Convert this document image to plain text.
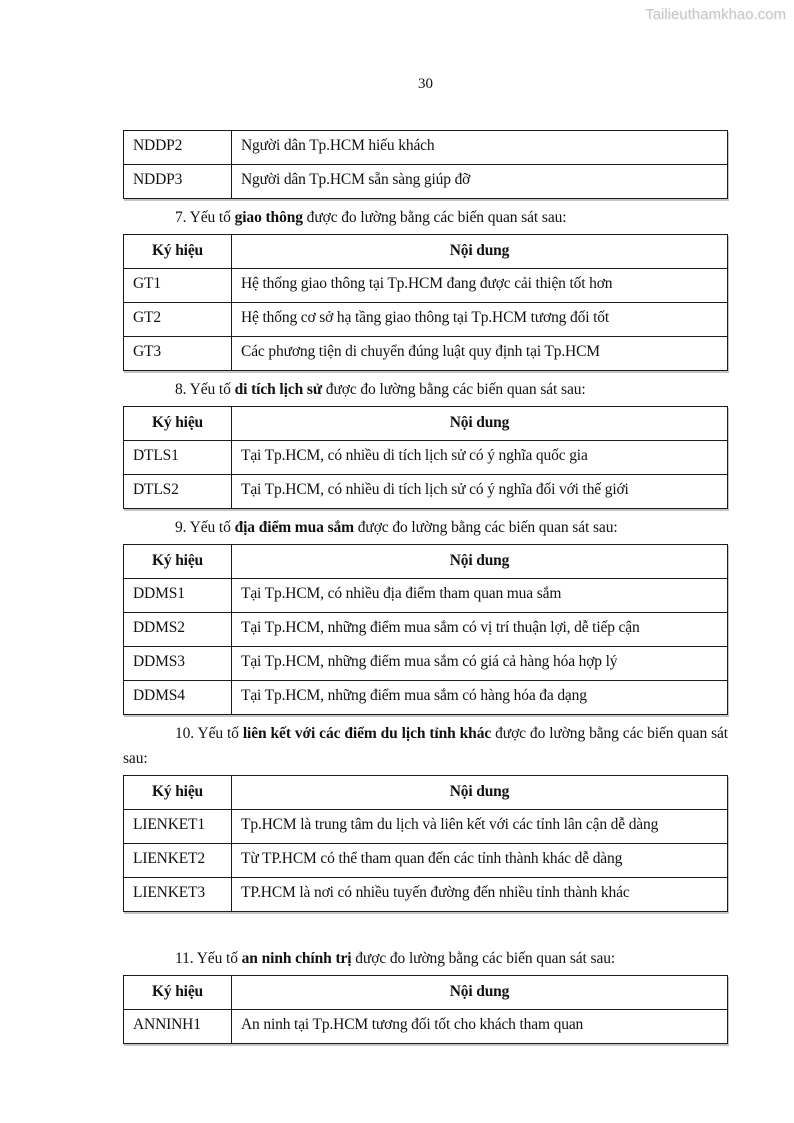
Tailieuthamkhao.com
30
NDDP2	Người dân Tp.HCM hiếu khách
NDDP3	Người dân Tp.HCM sẵn sàng giúp đỡ

7. Yếu tố giao thông được đo lường bằng các biến quan sát sau:

Ký hiệu	Nội dung
GT1	Hệ thống giao thông tại Tp.HCM đang được cải thiện tốt hơn
GT2	Hệ thống cơ sở hạ tầng giao thông tại Tp.HCM tương đối tốt
GT3	Các phương tiện di chuyển đúng luật quy định tại Tp.HCM

8. Yếu tố di tích lịch sử được đo lường bằng các biến quan sát sau:

Ký hiệu	Nội dung
DTLS1	Tại Tp.HCM, có nhiều di tích lịch sử có ý nghĩa quốc gia
DTLS2	Tại Tp.HCM, có nhiều di tích lịch sử có ý nghĩa đối với thế giới

9. Yếu tố địa điểm mua sắm được đo lường bằng các biến quan sát sau:

Ký hiệu	Nội dung
DDMS1	Tại Tp.HCM, có nhiều địa điểm tham quan mua sắm
DDMS2	Tại Tp.HCM, những điểm mua sắm có vị trí thuận lợi, dễ tiếp cận
DDMS3	Tại Tp.HCM, những điểm mua sắm có giá cả hàng hóa hợp lý
DDMS4	Tại Tp.HCM, những điểm mua sắm có hàng hóa đa dạng

10. Yếu tố liên kết với các điểm du lịch tỉnh khác được đo lường bằng các biến quan sát sau:

Ký hiệu	Nội dung
LIENKET1	Tp.HCM là trung tâm du lịch và liên kết với các tỉnh lân cận dễ dàng
LIENKET2	Từ TP.HCM có thể tham quan đến các tỉnh thành khác dễ dàng
LIENKET3	TP.HCM là nơi có nhiều tuyến đường đến nhiều tỉnh thành khác

11. Yếu tố an ninh chính trị được đo lường bằng các biến quan sát sau:

Ký hiệu	Nội dung
ANNINH1	An ninh tại Tp.HCM tương đối tốt cho khách tham quan
